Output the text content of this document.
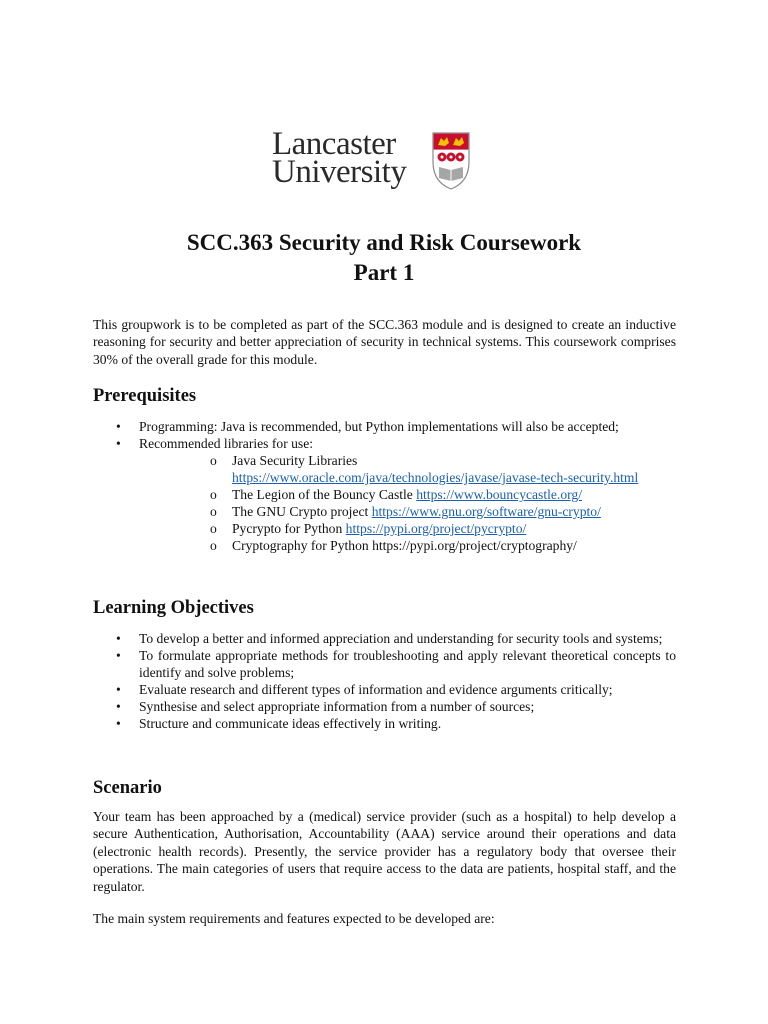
Lancaster
University
SCC.363 Security and Risk Coursework
Part 1

This groupwork is to be completed as part of the SCC.363 module and is designed to create an inductive reasoning for security and better appreciation of security in technical systems. This coursework comprises 30% of the overall grade for this module.

Prerequisites
• Programming: Java is recommended, but Python implementations will also be accepted;
• Recommended libraries for use:
o Java Security Libraries
https://www.oracle.com/java/technologies/javase/javase-tech-security.html
o The Legion of the Bouncy Castle https://www.bouncycastle.org/
o The GNU Crypto project https://www.gnu.org/software/gnu-crypto/
o Pycrypto for Python https://pypi.org/project/pycrypto/
o Cryptography for Python https://pypi.org/project/cryptography/
Learning Objectives
• To develop a better and informed appreciation and understanding for security tools and systems;
• To formulate appropriate methods for troubleshooting and apply relevant theoretical concepts to identify and solve problems;
• Evaluate research and different types of information and evidence arguments critically;
• Synthesise and select appropriate information from a number of sources;
• Structure and communicate ideas effectively in writing.
Scenario

Your team has been approached by a (medical) service provider (such as a hospital) to help develop a secure Authentication, Authorisation, Accountability (AAA) service around their operations and data (electronic health records). Presently, the service provider has a regulatory body that oversee their operations. The main categories of users that require access to the data are patients, hospital staff, and the regulator.

The main system requirements and features expected to be developed are:
